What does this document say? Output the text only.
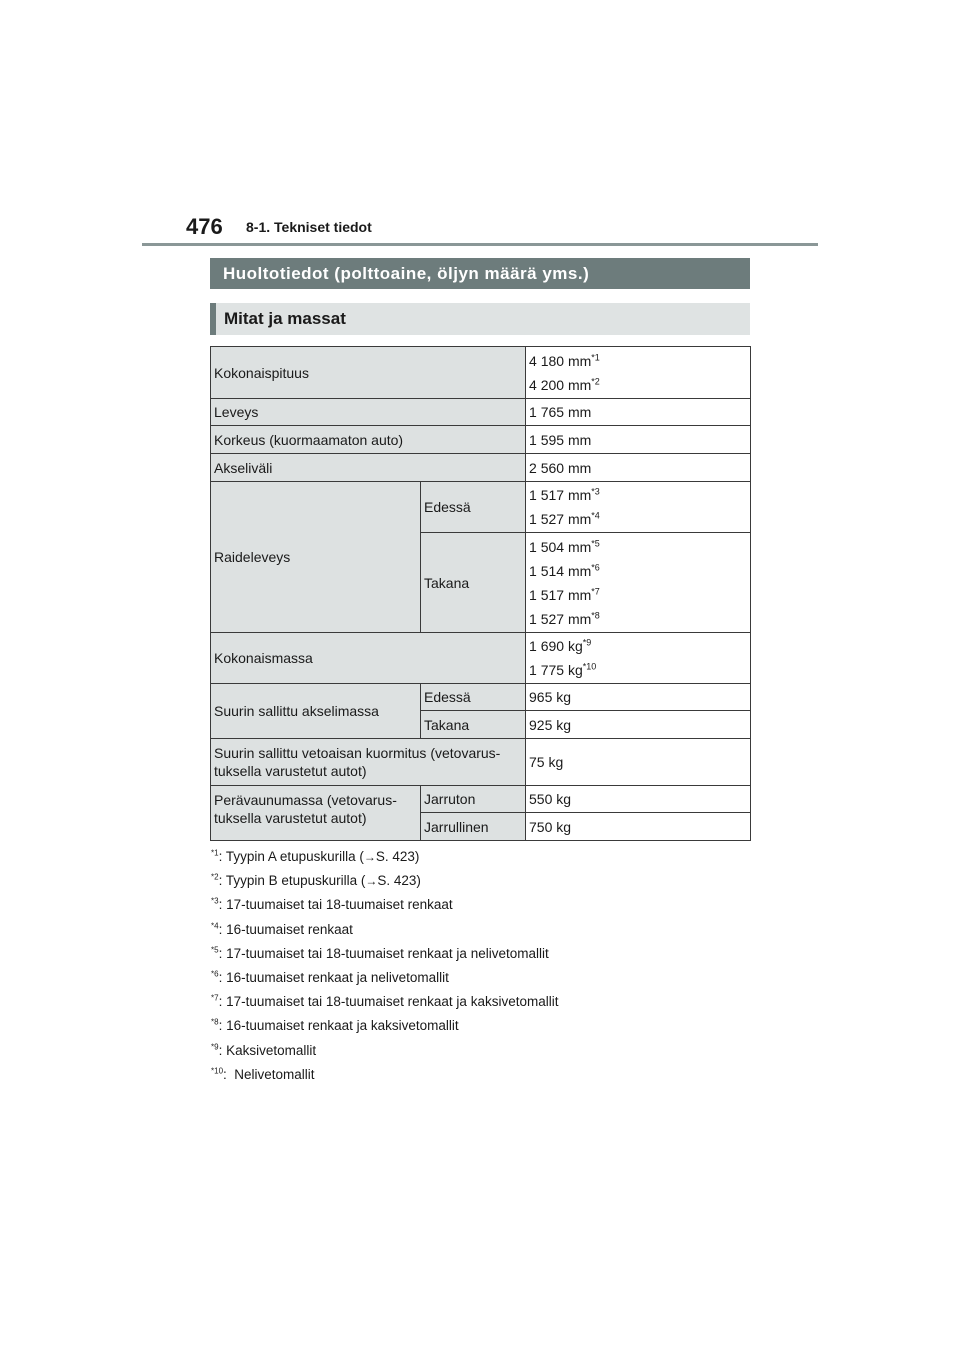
476 8-1. Tekniset tiedot
Huoltotiedot (polttoaine, öljyn määrä yms.)
Mitat ja massat
Kokonaispituus		4 180 $mm^{*1}$
4 200 $mm^{*2}$

Leveys		1 765 mm
Korkeus (kuormaamaton auto)		1 595 mm
Akseliväli		2 560 mm
Raideleveys	Edessä	1 517 $mm^{*3}$
1 527 $mm^{*4}$

	Takana	1 504 $mm^{*5}$
1 514 $mm^{*6}$
1 517 $mm^{*7}$
1 527 $mm^{*8}$

Kokonaismassa		1 690 $kg^{*9}$
1 775 $kg^{*10}$

Suurin sallittu akselimassa	Edessä	965 kg
	Takana	925 kg

Suurin sallittu vetoaisan kuormitus (vetovarus-
tuksella varustetut autot)		75 kg

Perävaunumassa (vetovarus-
tuksella varustetut autot)	Jarruton	550 kg
	Jarrullinen	750 kg
$^{*1}$: Tyypin A etupuskurilla (→S. 423)
$^{*2}$: Tyypin B etupuskurilla (→S. 423)
$^{*3}$: 17-tuumaiset tai 18-tuumaiset renkaat
$^{*4}$: 16-tuumaiset renkaat
$^{*5}$: 17-tuumaiset tai 18-tuumaiset renkaat ja nelivetomallit
$^{*6}$: 16-tuumaiset renkaat ja nelivetomallit
$^{*7}$: 17-tuumaiset tai 18-tuumaiset renkaat ja kaksivetomallit
$^{*8}$: 16-tuumaiset renkaat ja kaksivetomallit
$^{*9}$: Kaksivetomallit
$^{*10}$:  Nelivetomallit
